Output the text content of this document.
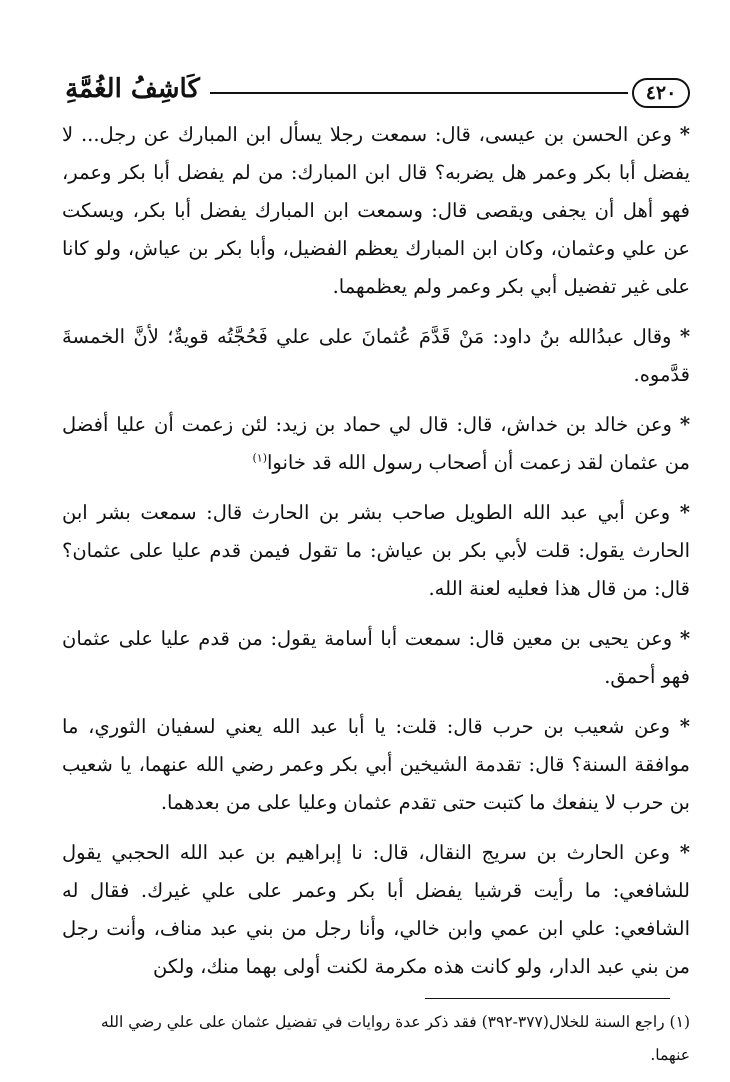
٤٢٠
كَاشِفُ الغُمَّةِ

* وعن الحسن بن عيسى، قال: سمعت رجلا يسأل ابن المبارك عن رجل... لا يفضل أبا بكر وعمر هل يضربه؟ قال ابن المبارك: من لم يفضل أبا بكر وعمر، فهو أهل أن يجفى ويقصى قال: وسمعت ابن المبارك يفضل أبا بكر، ويسكت عن علي وعثمان، وكان ابن المبارك يعظم الفضيل، وأبا بكر بن عياش، ولو كانا على غير تفضيل أبي بكر وعمر ولم يعظمهما.

* وقال عبدُالله بنُ داود: مَنْ قَدَّمَ عُثمانَ على علي فَحُجَّتُه قويةٌ؛ لأنَّ الخمسةَ قدَّموه.

* وعن خالد بن خداش، قال: قال لي حماد بن زيد: لئن زعمت أن عليا أفضل من عثمان لقد زعمت أن أصحاب رسول الله قد خانوا$^{(١)}$

* وعن أبي عبد الله الطويل صاحب بشر بن الحارث قال: سمعت بشر ابن الحارث يقول: قلت لأبي بكر بن عياش: ما تقول فيمن قدم عليا على عثمان؟ قال: من قال هذا فعليه لعنة الله.

* وعن يحيى بن معين قال: سمعت أبا أسامة يقول: من قدم عليا على عثمان فهو أحمق.

* وعن شعيب بن حرب قال: قلت: يا أبا عبد الله يعني لسفيان الثوري، ما موافقة السنة؟ قال: تقدمة الشيخين أبي بكر وعمر رضي الله عنهما، يا شعيب بن حرب لا ينفعك ما كتبت حتى تقدم عثمان وعليا على من بعدهما.

* وعن الحارث بن سريج النقال، قال: نا إبراهيم بن عبد الله الحجبي يقول للشافعي: ما رأيت قرشيا يفضل أبا بكر وعمر على علي غيرك. فقال له الشافعي: علي ابن عمي وابن خالي، وأنا رجل من بني عبد مناف، وأنت رجل من بني عبد الدار، ولو كانت هذه مكرمة لكنت أولى بهما منك، ولكن

(١) راجع السنة للخلال(٣٧٧-٣٩٢) فقد ذكر عدة روايات في تفضيل عثمان على علي رضي الله عنهما.
